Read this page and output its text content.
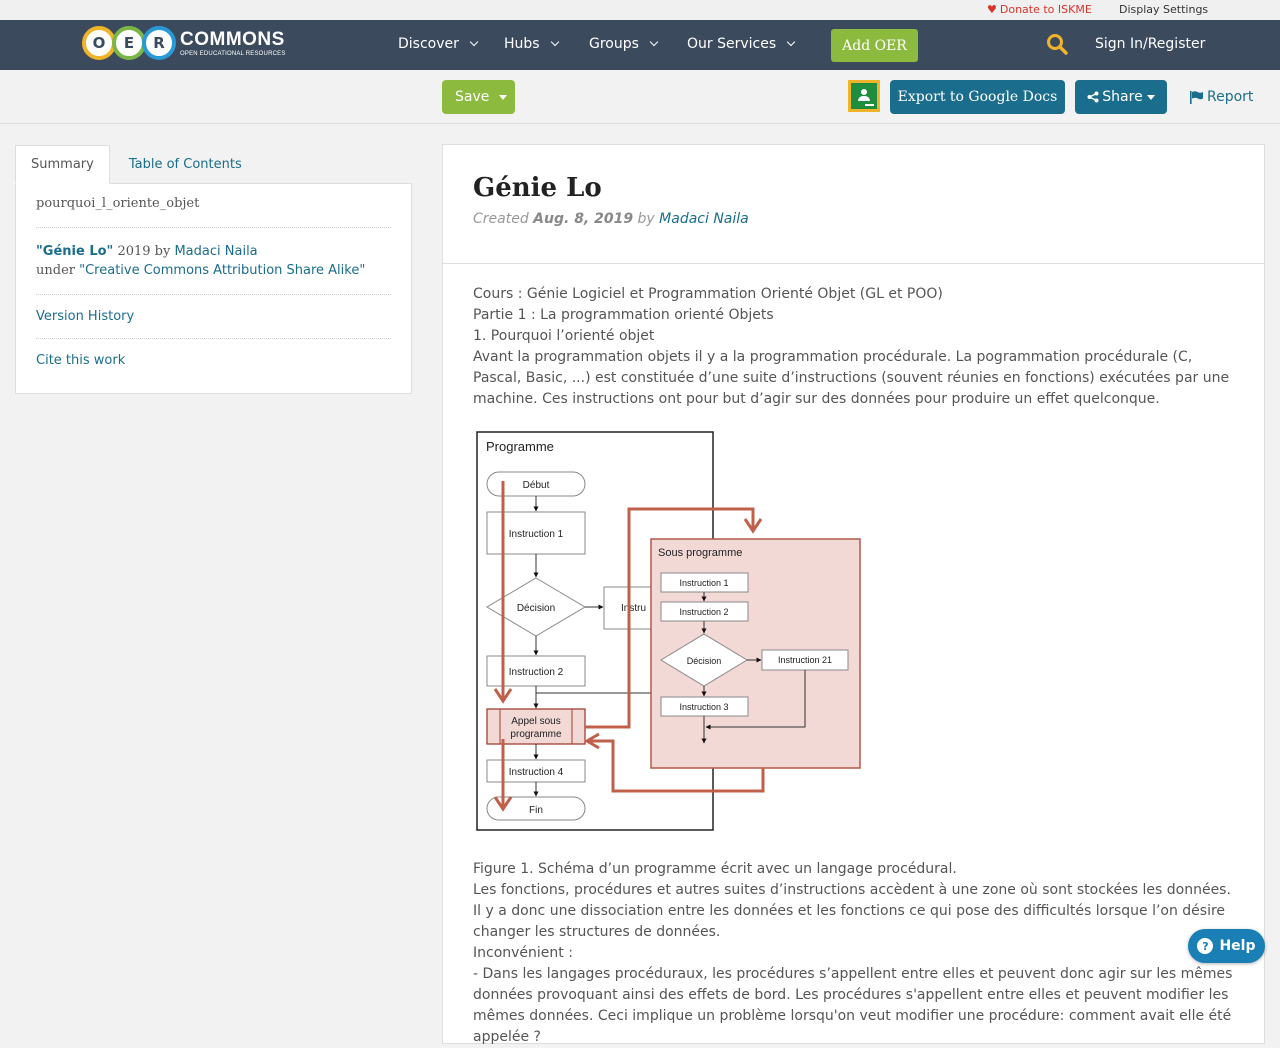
♥ Donate to ISKME Display Settings
O	E	R COMMONS
OPEN EDUCATIONAL RESOURCES
Discover	Hubs	Groups	Our Services	Add OER	Sign In/Register
Save	Export to Google Docs	Share	Report
Summary	Table of Contents
pourquoi_l_oriente_objet
"Génie Lo" 2019 by Madaci Naila
under "Creative Commons Attribution Share Alike"
Version History
Cite this work
Génie Lo
Created Aug. 8, 2019 by Madaci Naila

Cours : Génie Logiciel et Programmation Orienté Objet (GL et POO)

Partie 1 : La programmation orienté Objets

1. Pourquoi l’orienté objet

Avant la programmation objets il y a la programmation procédurale. La pogrammation procédurale (C, Pascal, Basic, ...) est constituée d’une suite d’instructions (souvent réunies en fonctions) exécutées par une machine. Ces instructions ont pour but d’agir sur des données pour produire un effet quelconque.

Programme
Début
Instruction 1
Décision	Instru
Instruction 2
Appel sous
programme
Instruction 4
Fin
Sous programme
Instruction 1
Instruction 2
Décision	Instruction 21
Instruction 3

Figure 1. Schéma d’un programme écrit avec un langage procédural.

Les fonctions, procédures et autres suites d’instructions accèdent à une zone où sont stockées les données. Il y a donc une dissociation entre les données et les fonctions ce qui pose des difficultés lorsque l’on désire changer les structures de données.

Inconvénient :

- Dans les langages procéduraux, les procédures s’appellent entre elles et peuvent donc agir sur les mêmes données provoquant ainsi des effets de bord. Les procédures s'appellent entre elles et peuvent modifier les mêmes données. Ceci implique un problème lorsqu'on veut modifier une procédure: comment avait elle été appelée ?

? Help
